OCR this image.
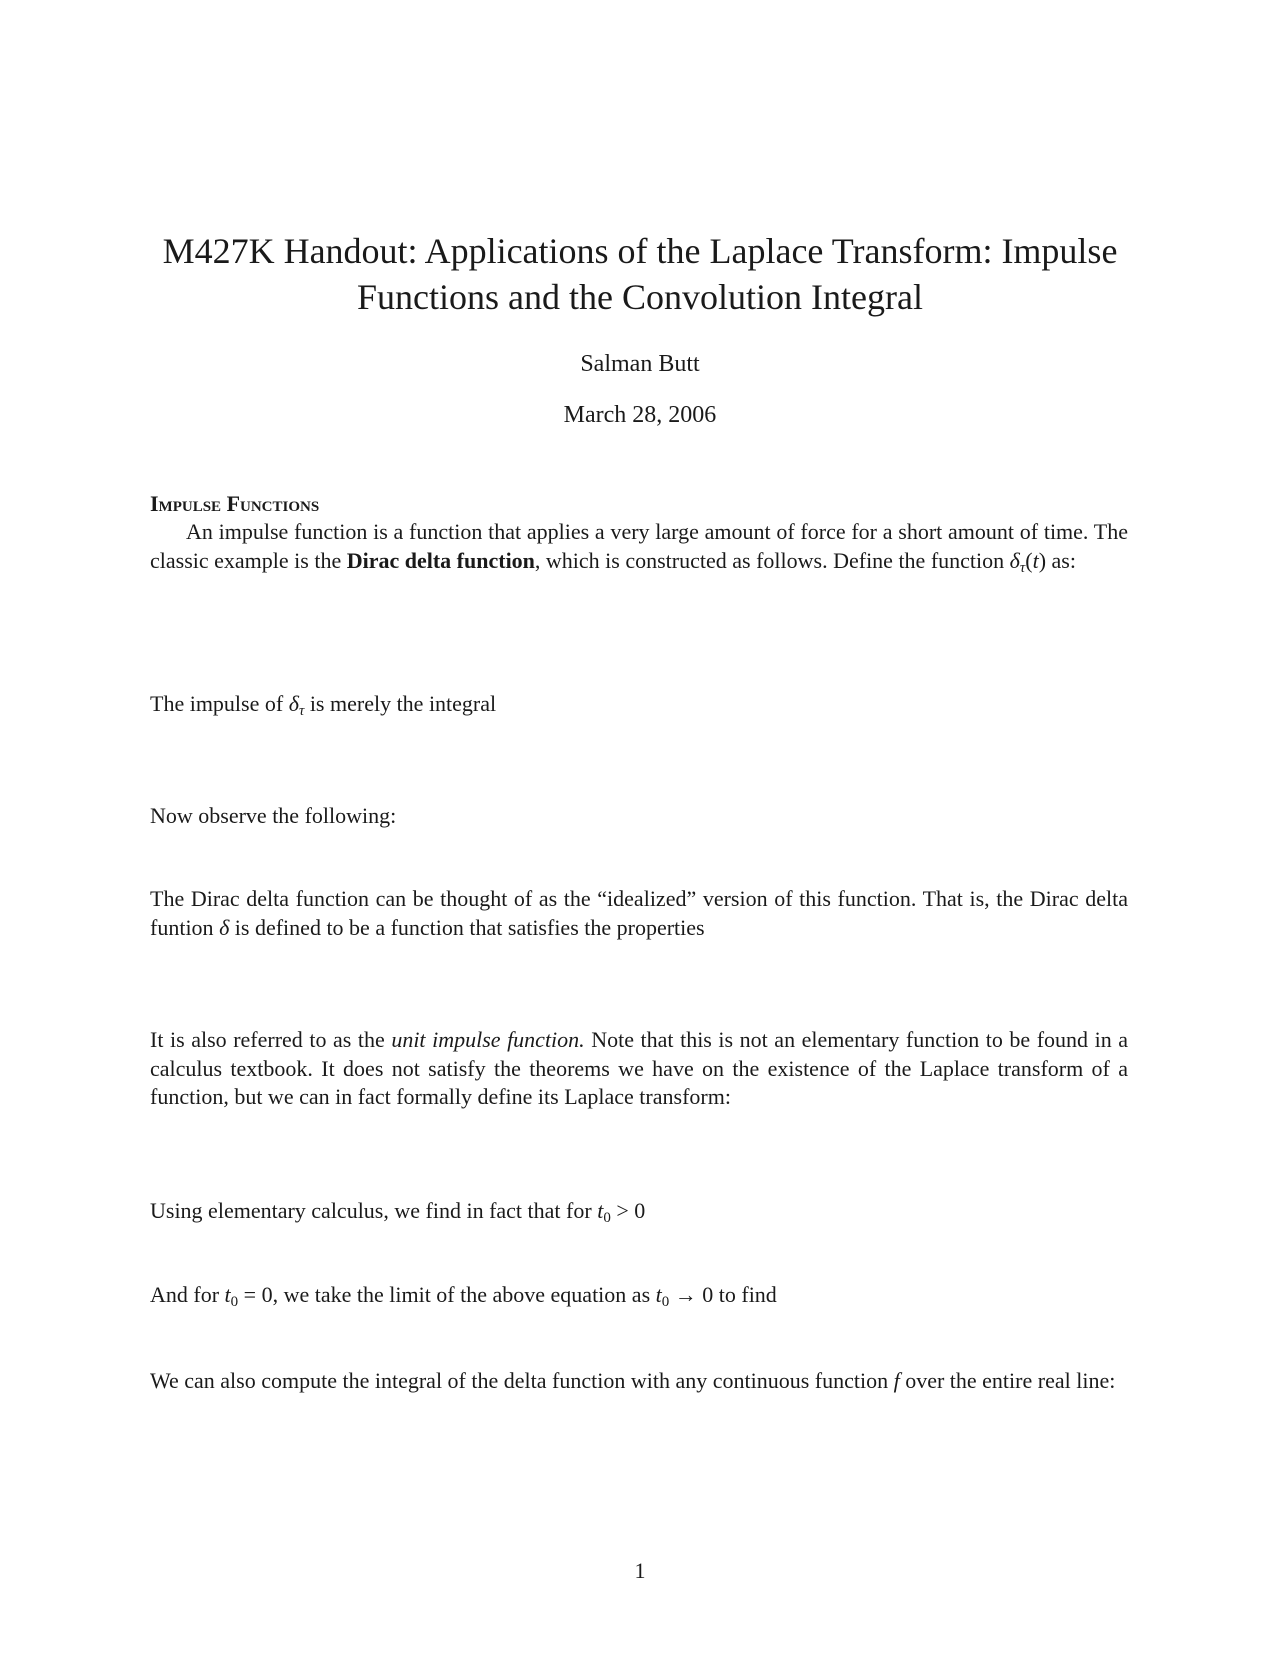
M427K Handout: Applications of the Laplace Transform: Impulse
Functions and the Convolution Integral
Salman Butt
March 28, 2006
Impulse Functions

An impulse function is a function that applies a very large amount of force for a short amount of time. The classic example is the Dirac delta function, which is constructed as follows. Define the function $\delta_\tau(t)$ as:

The impulse of $\delta_\tau$ is merely the integral

Now observe the following:

The Dirac delta function can be thought of as the “idealized” version of this function. That is, the Dirac delta funtion δ is defined to be a function that satisfies the properties

It is also referred to as the unit impulse function. Note that this is not an elementary function to be found in a calculus textbook. It does not satisfy the theorems we have on the existence of the Laplace transform of a function, but we can in fact formally define its Laplace transform:

Using elementary calculus, we find in fact that for t0 > 0

And for t0 = 0, we take the limit of the above equation as t0 → 0 to find

We can also compute the integral of the delta function with any continuous function f over the entire real line:

1
